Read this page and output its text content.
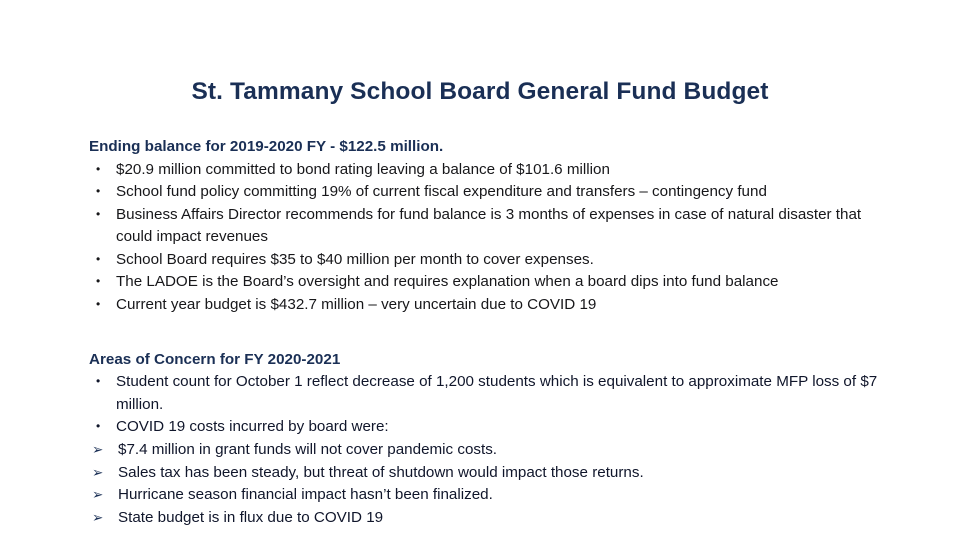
St. Tammany School Board General Fund Budget
Ending balance for 2019-2020 FY - $122.5 million.
•
$20.9 million committed to bond rating leaving a balance of $101.6 million
•
School fund policy committing 19% of current fiscal expenditure and transfers – contingency fund
•
Business Affairs Director recommends for fund balance is 3 months of expenses in case of natural disaster that could impact revenues
•
School Board requires $35 to $40 million per month to cover expenses.
•
The LADOE is the Board’s oversight and requires explanation when a board dips into fund balance
•
Current year budget is $432.7 million – very uncertain due to COVID 19
Areas of Concern for FY 2020-2021
•
Student count for October 1 reflect decrease of 1,200 students which is equivalent to approximate MFP loss of $7 million.
•
COVID 19 costs incurred by board were:
➢
$7.4 million in grant funds will not cover pandemic costs.
➢
Sales tax has been steady, but threat of shutdown would impact those returns.
➢
Hurricane season financial impact hasn’t been finalized.
➢
State budget is in flux due to COVID 19
